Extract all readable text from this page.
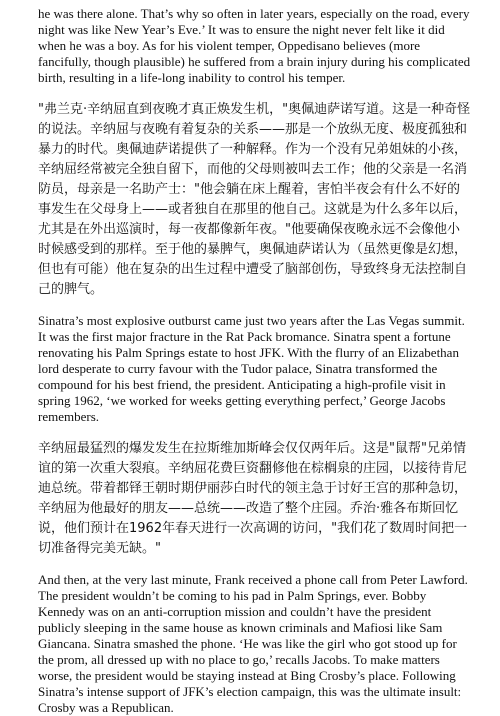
he was there alone. That’s why so often in later years, especially on the road, every night was like New Year’s Eve.’ It was to ensure the night never felt like it did when he was a boy. As for his violent temper, Oppedisano believes (more fancifully, though plausible) he suffered from a brain injury during his complicated birth, resulting in a life-long inability to control his temper.

"弗兰克·辛纳屈直到夜晚才真正焕发生机，"奥佩迪萨诺写道。这是一种奇怪的说法。辛纳屈与夜晚有着复杂的关系——那是一个放纵无度、极度孤独和暴力的时代。奥佩迪萨诺提供了一种解释。作为一个没有兄弟姐妹的小孩，辛纳屈经常被完全独自留下，而他的父母则被叫去工作；他的父亲是一名消防员，母亲是一名助产士："他会躺在床上醒着，害怕半夜会有什么不好的事发生在父母身上——或者独自在那里的他自己。这就是为什么多年以后，尤其是在外出巡演时，每一夜都像新年夜。"他要确保夜晚永远不会像他小时候感受到的那样。至于他的暴脾气，奥佩迪萨诺认为（虽然更像是幻想，但也有可能）他在复杂的出生过程中遭受了脑部创伤，导致终身无法控制自己的脾气。

Sinatra’s most explosive outburst came just two years after the Las Vegas summit. It was the first major fracture in the Rat Pack bromance. Sinatra spent a fortune renovating his Palm Springs estate to host JFK. With the flurry of an Elizabethan lord desperate to curry favour with the Tudor palace, Sinatra transformed the compound for his best friend, the president. Anticipating a high-profile visit in spring 1962, ‘we worked for weeks getting everything perfect,’ George Jacobs remembers.

辛纳屈最猛烈的爆发发生在拉斯维加斯峰会仅仅两年后。这是"鼠帮"兄弟情谊的第一次重大裂痕。辛纳屈花费巨资翻修他在棕榈泉的庄园，以接待肯尼迪总统。带着都铎王朝时期伊丽莎白时代的领主急于讨好王宫的那种急切，辛纳屈为他最好的朋友——总统——改造了整个庄园。乔治·雅各布斯回忆说，他们预计在1962年春天进行一次高调的访问，"我们花了数周时间把一切准备得完美无缺。"

And then, at the very last minute, Frank received a phone call from Peter Lawford. The president wouldn’t be coming to his pad in Palm Springs, ever. Bobby Kennedy was on an anti-corruption mission and couldn’t have the president publicly sleeping in the same house as known criminals and Mafiosi like Sam Giancana. Sinatra smashed the phone. ‘He was like the girl who got stood up for the prom, all dressed up with no place to go,’ recalls Jacobs. To make matters worse, the president would be staying instead at Bing Crosby’s place. Following Sinatra’s intense support of JFK’s election campaign, this was the ultimate insult: Crosby was a Republican.
